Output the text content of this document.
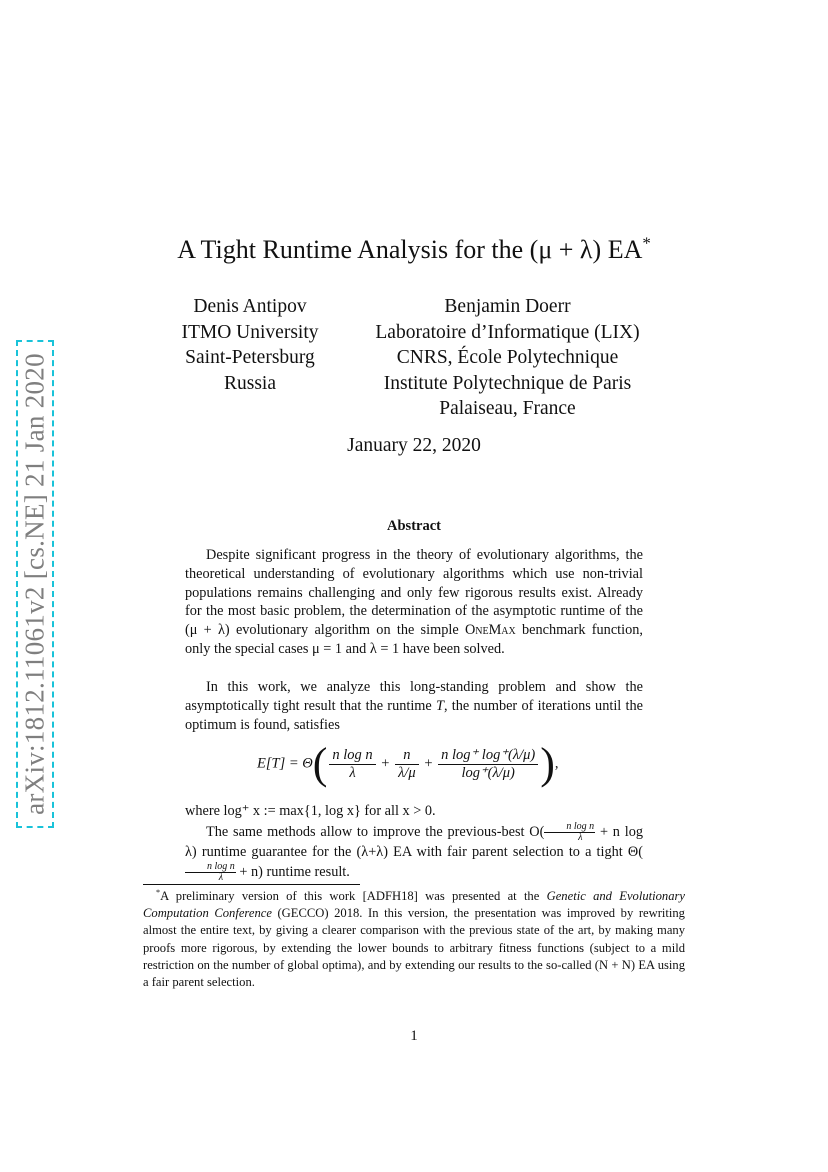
arXiv:1812.11061v2 [cs.NE] 21 Jan 2020
A Tight Runtime Analysis for the (μ + λ) EA*
Denis Antipov
ITMO University
Saint-Petersburg
Russia
Benjamin Doerr
Laboratoire d’Informatique (LIX)
CNRS, École Polytechnique
Institute Polytechnique de Paris
Palaiseau, France
January 22, 2020
Abstract
Despite significant progress in the theory of evolutionary algorithms, the theoretical understanding of evolutionary algorithms which use non-trivial populations remains challenging and only few rigorous results exist. Already for the most basic problem, the determination of the asymptotic runtime of the (μ + λ) evolutionary algorithm on the simple OneMax benchmark function, only the special cases μ = 1 and λ = 1 have been solved.
In this work, we analyze this long-standing problem and show the asymptotically tight result that the runtime T, the number of iterations until the optimum is found, satisfies
$E[T] = \Theta( \frac{\text{n log n}}{\lambda} + \frac{n}{\lambda/\mu} + \frac{\text{n log⁺ log⁺(λ/μ)}}{\log^+(\lambda/\mu)}$ ),
where log⁺ x := max{1, log x} for all x > 0.
The same methods allow to improve the previous-best $O( \frac{\text{n log n}}{\lambda} + n$ log λ) runtime guarantee for the (λ+λ) EA with fair parent selection to a tight Θ(
$\frac{\text{n log n}}{\lambda} + n$) runtime result.
*A preliminary version of this work [ADFH18] was presented at the Genetic and Evolutionary Computation Conference (GECCO) 2018. In this version, the presentation was improved by rewriting almost the entire text, by giving a clearer comparison with the previous state of the art, by making many proofs more rigorous, by extending the lower bounds to arbitrary fitness functions (subject to a mild restriction on the number of global optima), and by extending our results to the so-called (N + N) EA using a fair parent selection.
1
